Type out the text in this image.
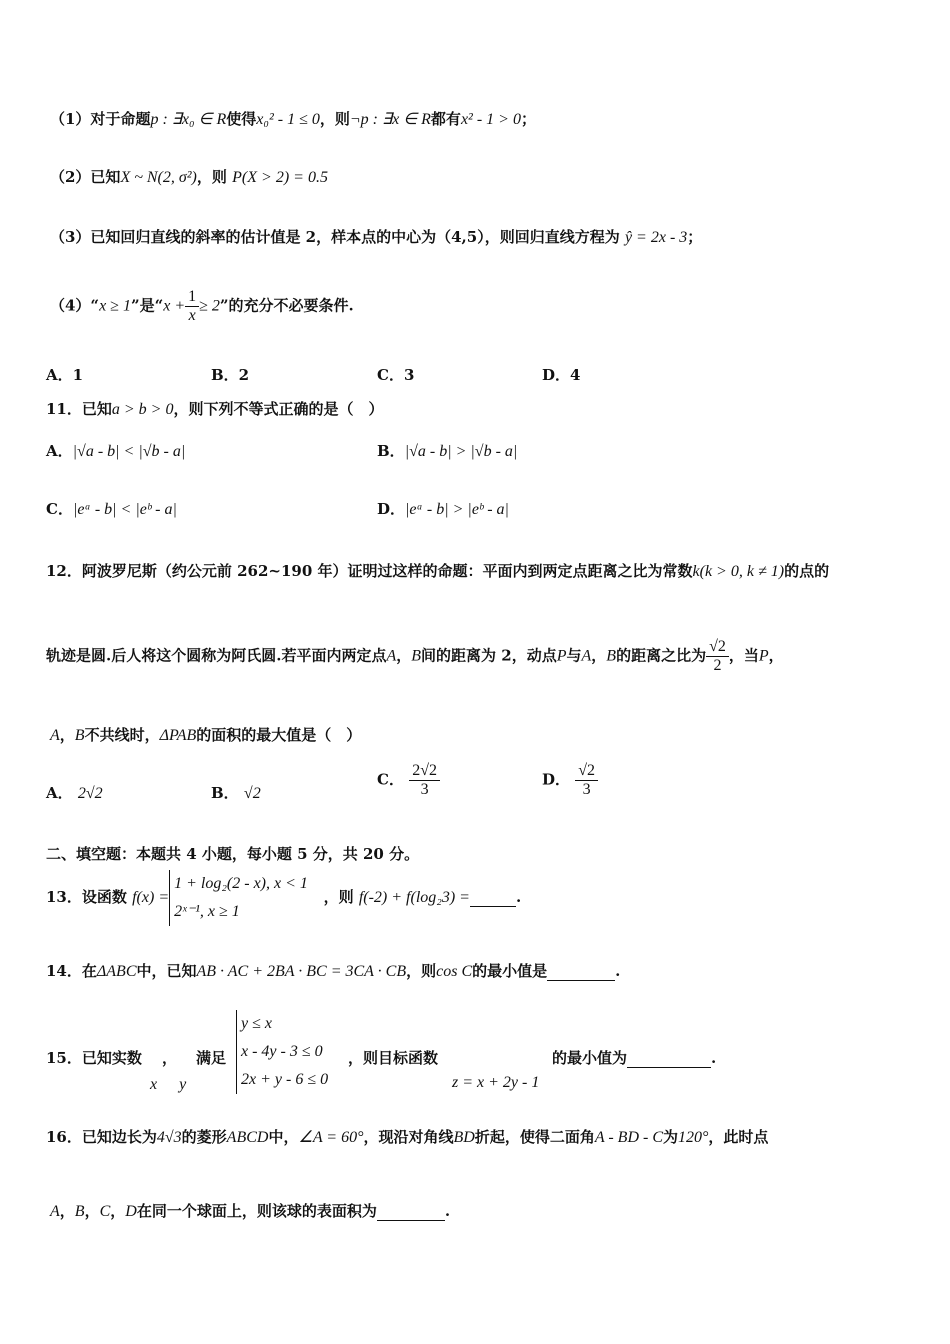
（1）对于命题p : ∃x₀ ∈ R使得x₀² - 1 ≤ 0，则¬p : ∃x ∈ R都有x² - 1 > 0；
（2）已知X ~ N(2, σ²)，则 P(X > 2) = 0.5
（3）已知回归直线的斜率的估计值是 2，样本点的中心为（4,5），则回归直线方程为 ŷ = 2x - 3；
（4）“x ≥ 1”是“$x + \frac{1}{x} \ge 2$”的充分不必要条件.
A．1	B．2	C．3	D．4
11．已知a > b > 0，则下列不等式正确的是（　）
A．|√a - b| < |√b - a|	B．|√a - b| > |√b - a|
C．|eᵃ - b| < |eᵇ - a|	D．|eᵃ - b| > |eᵇ - a|
12．阿波罗尼斯（约公元前 262~190 年）证明过这样的命题：平面内到两定点距离之比为常数k(k > 0, k ≠ 1)的点的
轨迹是圆.后人将这个圆称为阿氏圆.若平面内两定点A，B间的距离为 2，动点P与A，B的距离之比为 $\frac{√2}{2}$ ，当P，
A，B不共线时，ΔPAB的面积的最大值是（　）
A． 2√2	B． √2
C． $\frac{2√2}{3}$	D． $\frac{√2}{3}$
二、填空题：本题共 4 小题，每小题 5 分，共 20 分。
13．设函数 f(x) =
1 + log₂(2 - x), x < 1
2ˣ⁻¹, x ≥ 1
，则 f(-2) + f(log₂3) =	.
14．在ΔABC中，已知AB · AC + 2BA · BC = 3CA · CB，则cos C的最小值是	.
15．已知实数
x y
， 满足
y ≤ x
x - 4y - 3 ≤ 0
2x + y - 6 ≤ 0
，则目标函数
z = x + 2y - 1
的最小值为	.
16．已知边长为4√3的菱形ABCD中，∠A = 60°，现沿对角线BD折起，使得二面角A - BD - C为120°，此时点
A，B，C，D在同一个球面上，则该球的表面积为	.
